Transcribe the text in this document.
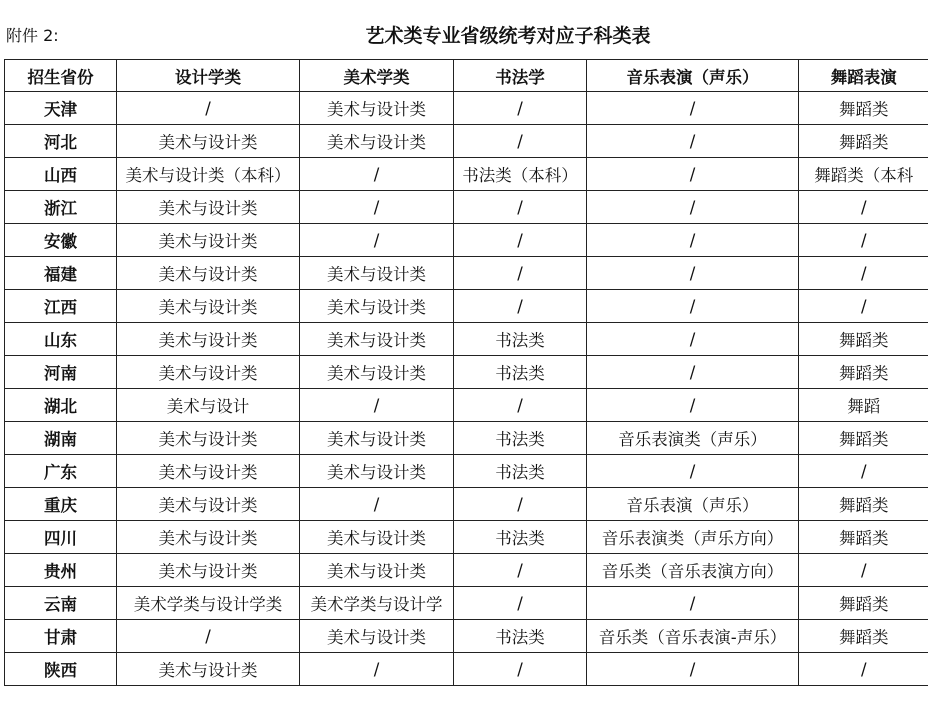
附件 2:	艺术类专业省级统考对应子科类表
招生省份	设计学类	美术学类	书法学	音乐表演（声乐）	舞蹈表演
天津	/	美术与设计类	/	/	舞蹈类
河北	美术与设计类	美术与设计类	/	/	舞蹈类
山西	美术与设计类（本科）	/	书法类（本科）	/	舞蹈类（本科
浙江	美术与设计类	/	/	/	/
安徽	美术与设计类	/	/	/	/
福建	美术与设计类	美术与设计类	/	/	/
江西	美术与设计类	美术与设计类	/	/	/
山东	美术与设计类	美术与设计类	书法类	/	舞蹈类
河南	美术与设计类	美术与设计类	书法类	/	舞蹈类
湖北	美术与设计	/	/	/	舞蹈
湖南	美术与设计类	美术与设计类	书法类	音乐表演类（声乐）	舞蹈类
广东	美术与设计类	美术与设计类	书法类	/	/
重庆	美术与设计类	/	/	音乐表演（声乐）	舞蹈类
四川	美术与设计类	美术与设计类	书法类	音乐表演类（声乐方向）	舞蹈类
贵州	美术与设计类	美术与设计类	/	音乐类（音乐表演方向）	/
云南	美术学类与设计学类	美术学类与设计学	/	/	舞蹈类
甘肃	/	美术与设计类	书法类	音乐类（音乐表演-声乐）	舞蹈类
陕西	美术与设计类	/	/	/	/
